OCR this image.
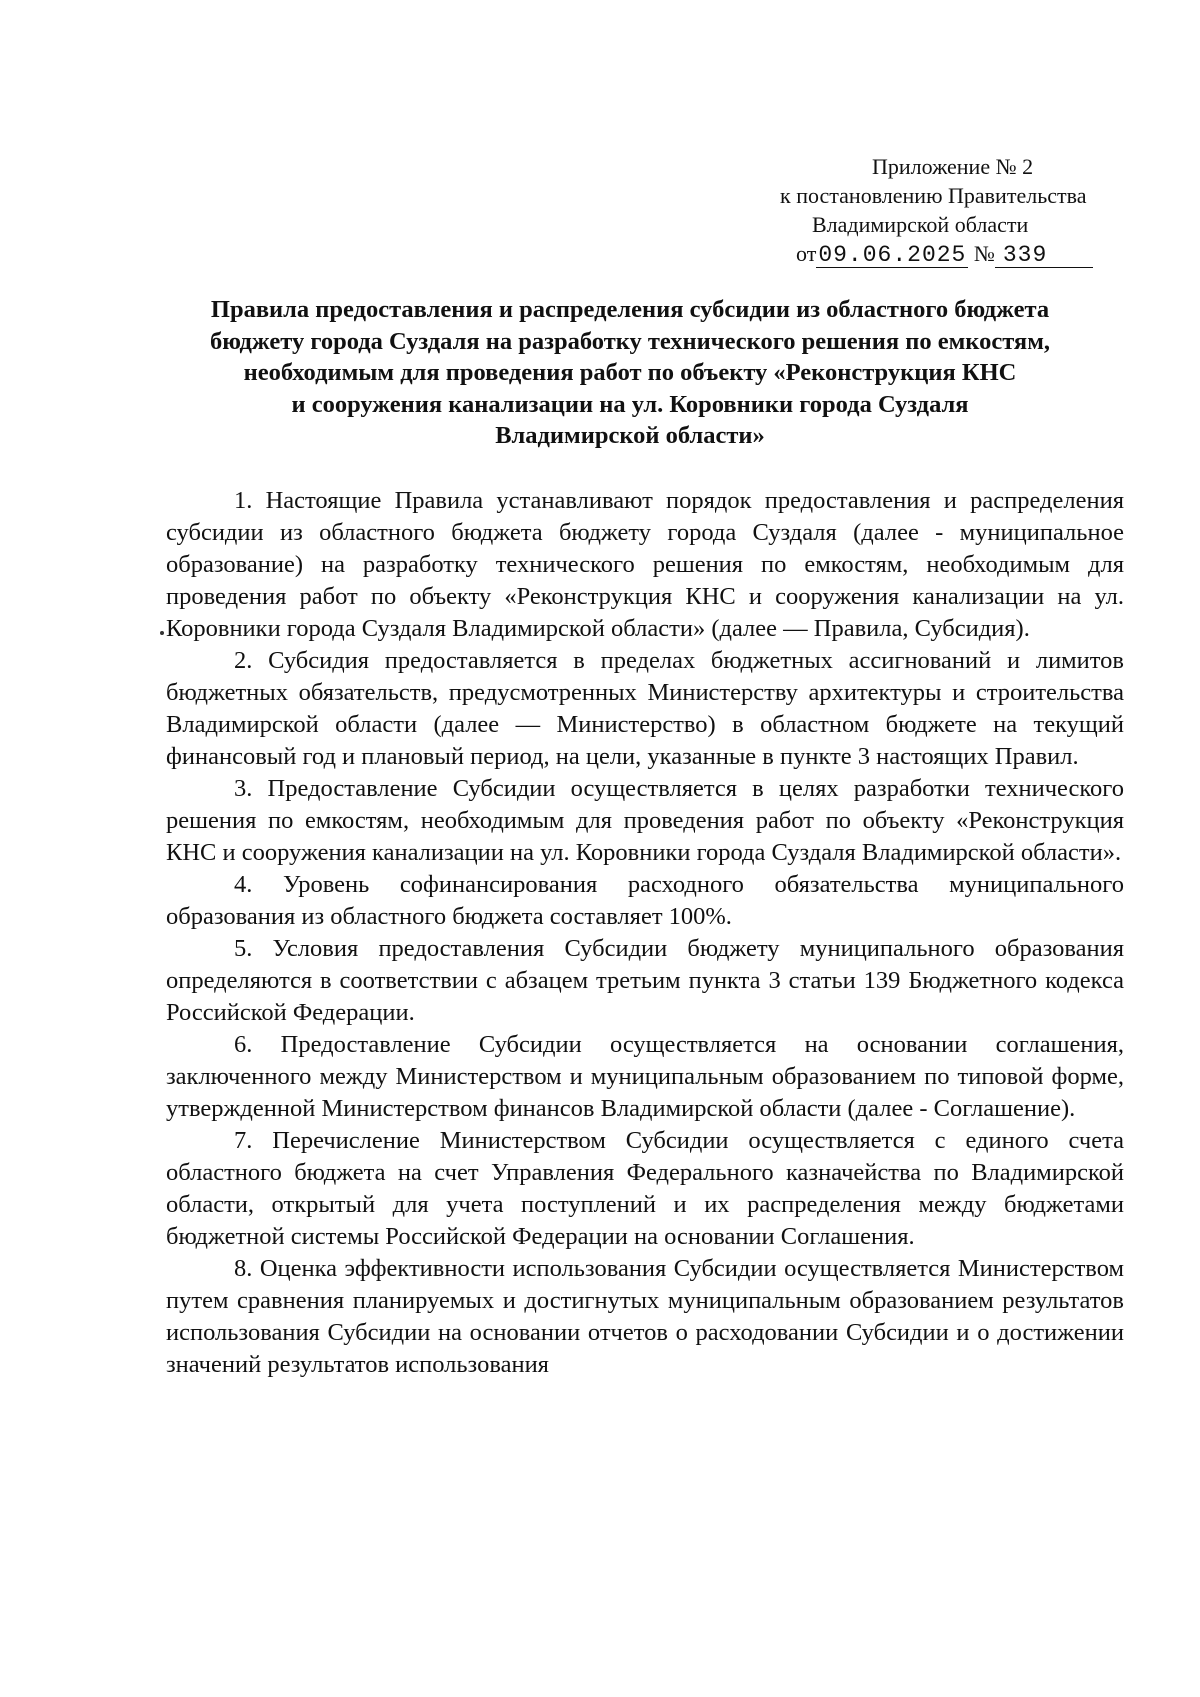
Приложение № 2
к постановлению Правительства
Владимирской области
от09.06.2025 № 339
Правила предоставления и распределения субсидии из областного бюджета
бюджету города Суздаля на разработку технического решения по емкостям,
необходимым для проведения работ по объекту «Реконструкция КНС
и сооружения канализации на ул. Коровники города Суздаля
Владимирской области»

1. Настоящие Правила устанавливают порядок предоставления и распределения субсидии из областного бюджета бюджету города Суздаля (далее - муниципальное образование) на разработку технического решения по емкостям, необходимым для проведения работ по объекту «Реконструкция КНС и сооружения канализации на ул. Коровники города Суздаля Владимирской области» (далее — Правила, Субсидия).

2. Субсидия предоставляется в пределах бюджетных ассигнований и лимитов бюджетных обязательств, предусмотренных Министерству архитектуры и строительства Владимирской области (далее — Министерство) в областном бюджете на текущий финансовый год и плановый период, на цели, указанные в пункте 3 настоящих Правил.

3. Предоставление Субсидии осуществляется в целях разработки технического решения по емкостям, необходимым для проведения работ по объекту «Реконструкция КНС и сооружения канализации на ул. Коровники города Суздаля Владимирской области».

4. Уровень софинансирования расходного обязательства муниципального образования из областного бюджета составляет 100%.

5. Условия предоставления Субсидии бюджету муниципального образования определяются в соответствии с абзацем третьим пункта 3 статьи 139 Бюджетного кодекса Российской Федерации.

6. Предоставление Субсидии осуществляется на основании соглашения, заключенного между Министерством и муниципальным образованием по типовой форме, утвержденной Министерством финансов Владимирской области (далее - Соглашение).

7. Перечисление Министерством Субсидии осуществляется с единого счета областного бюджета на счет Управления Федерального казначейства по Владимирской области, открытый для учета поступлений и их распределения между бюджетами бюджетной системы Российской Федерации на основании Соглашения.

8. Оценка эффективности использования Субсидии осуществляется Министерством путем сравнения планируемых и достигнутых муниципальным образованием результатов использования Субсидии на основании отчетов о расходовании Субсидии и о достижении значений результатов использования
